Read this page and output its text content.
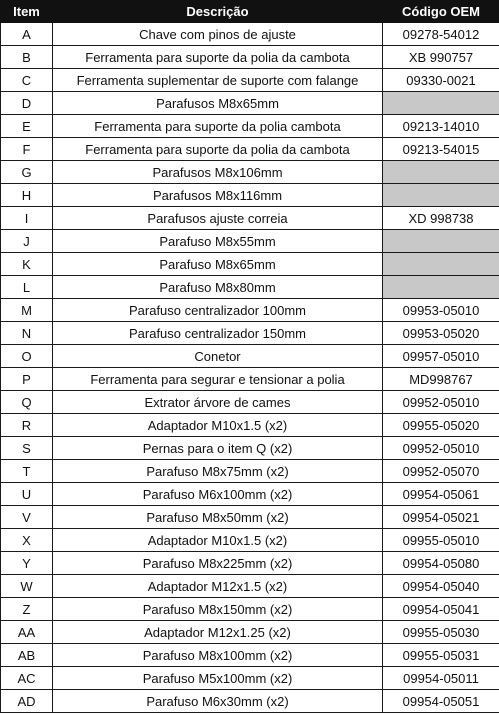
Item	Descrição	Código OEM
A	Chave com pinos de ajuste	09278-54012
B	Ferramenta para suporte da polia da cambota	XB 990757
C	Ferramenta suplementar de suporte com falange	09330-0021
D	Parafusos M8x65mm	
E	Ferramenta para suporte da polia cambota	09213-14010
F	Ferramenta para suporte da polia da cambota	09213-54015
G	Parafusos M8x106mm	
H	Parafusos M8x116mm	
I	Parafusos ajuste correia	XD 998738
J	Parafuso M8x55mm	
K	Parafuso M8x65mm	
L	Parafuso M8x80mm	
M	Parafuso centralizador 100mm	09953-05010
N	Parafuso centralizador 150mm	09953-05020
O	Conetor	09957-05010
P	Ferramenta para segurar e tensionar a polia	MD998767
Q	Extrator árvore de cames	09952-05010
R	Adaptador M10x1.5 (x2)	09955-05020
S	Pernas para o item Q (x2)	09952-05010
T	Parafuso M8x75mm (x2)	09952-05070
U	Parafuso M6x100mm (x2)	09954-05061
V	Parafuso M8x50mm (x2)	09954-05021
X	Adaptador M10x1.5 (x2)	09955-05010
Y	Parafuso M8x225mm (x2)	09954-05080
W	Adaptador M12x1.5 (x2)	09954-05040
Z	Parafuso M8x150mm (x2)	09954-05041
AA	Adaptador M12x1.25 (x2)	09955-05030
AB	Parafuso M8x100mm (x2)	09955-05031
AC	Parafuso M5x100mm (x2)	09954-05011
AD	Parafuso M6x30mm (x2)	09954-05051
